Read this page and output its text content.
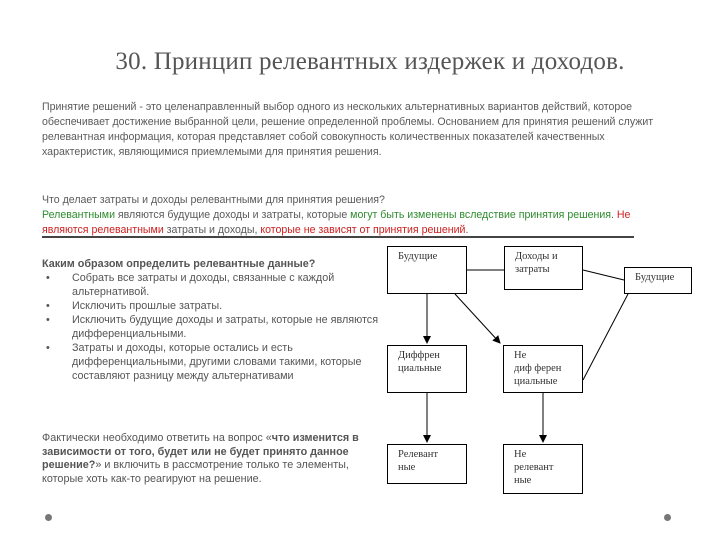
30. Принцип релевантных издержек и доходов.
Принятие решений - это целенаправленный выбор одного из нескольких альтернативных вариантов действий, которое обеспечивает достижение выбранной цели, решение определенной проблемы. Основанием для принятия решений служит релевантная информация, которая представляет собой совокупность количественных показателей качественных характеристик, являющимися приемлемыми для принятия решения.
Что делает затраты и доходы релевантными для принятия решения?
Релевантными являются будущие доходы и затраты, которые могут быть изменены вследствие принятия решения. Не являются релевантными затраты и доходы, которые не зависят от принятия решений.
Каким образом определить релевантные данные?
• Собрать все затраты и доходы, связанные с каждой альтернативой.
• Исключить прошлые затраты.
• Исключить будущие доходы и затраты, которые не являются дифференциальными.
• Затраты и доходы, которые остались и есть дифференциальными, другими словами такими, которые составляют разницу между альтернативами
Фактически необходимо ответить на вопрос «что изменится в зависимости от того, будет или не будет принято данное решение?» и включить в рассмотрение только те элементы, которые хоть как-то реагируют на решение.
Будущие	Доходы и
затраты
Будущие
Диффрен
циальные
Не
диф ферен
циальные
Релевант
ные
Не
релевант
ные
